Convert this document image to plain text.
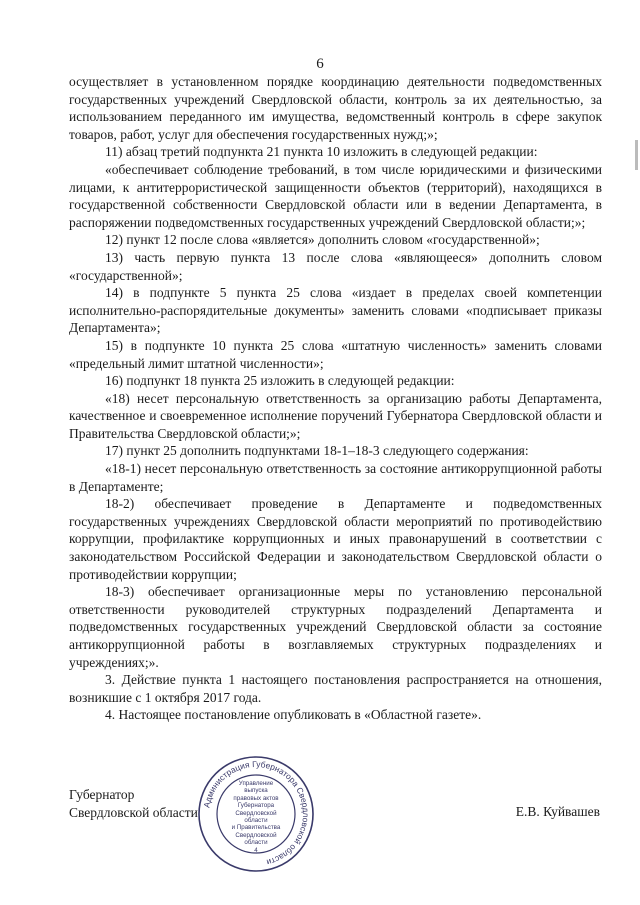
6

осуществляет в установленном порядке координацию деятельности подведомственных государственных учреждений Свердловской области, контроль за их деятельностью, за использованием переданного им имущества, ведомственный контроль в сфере закупок товаров, работ, услуг для обеспечения государственных нужд;»;

11) абзац третий подпункта 21 пункта 10 изложить в следующей редакции:

«обеспечивает соблюдение требований, в том числе юридическими и физическими лицами, к антитеррористической защищенности объектов (территорий), находящихся в государственной собственности Свердловской области или в ведении Департамента, в распоряжении подведомственных государственных учреждений Свердловской области;»;

12) пункт 12 после слова «является» дополнить словом «государственной»;

13) часть первую пункта 13 после слова «являющееся» дополнить словом «государственной»;

14) в подпункте 5 пункта 25 слова «издает в пределах своей компетенции исполнительно-распорядительные документы» заменить словами «подписывает приказы Департамента»;

15) в подпункте 10 пункта 25 слова «штатную численность» заменить словами «предельный лимит штатной численности»;

16) подпункт 18 пункта 25 изложить в следующей редакции:

«18) несет персональную ответственность за организацию работы Департамента, качественное и своевременное исполнение поручений Губернатора Свердловской области и Правительства Свердловской области;»;

17) пункт 25 дополнить подпунктами 18-1–18-3 следующего содержания:

«18-1) несет персональную ответственность за состояние антикоррупционной работы в Департаменте;

18-2) обеспечивает проведение в Департаменте и подведомственных государственных учреждениях Свердловской области мероприятий по противодействию коррупции, профилактике коррупционных и иных правонарушений в соответствии с законодательством Российской Федерации и законодательством Свердловской области о противодействии коррупции;

18-3) обеспечивает организационные меры по установлению персональной ответственности руководителей структурных подразделений Департамента и подведомственных государственных учреждений Свердловской области за состояние антикоррупционной работы в возглавляемых структурных подразделениях и учреждениях;».

3. Действие пункта 1 настоящего постановления распространяется на отношения, возникшие с 1 октября 2017 года.

4. Настоящее постановление опубликовать в «Областной газете».

Губернатор
Свердловской области Администрация Губернатора Свердловской области
Управление
выпуска
правовых актов
Губернатора
Свердловской области
и Правительства
Свердловской
области
4
Е.В. Куйвашев
